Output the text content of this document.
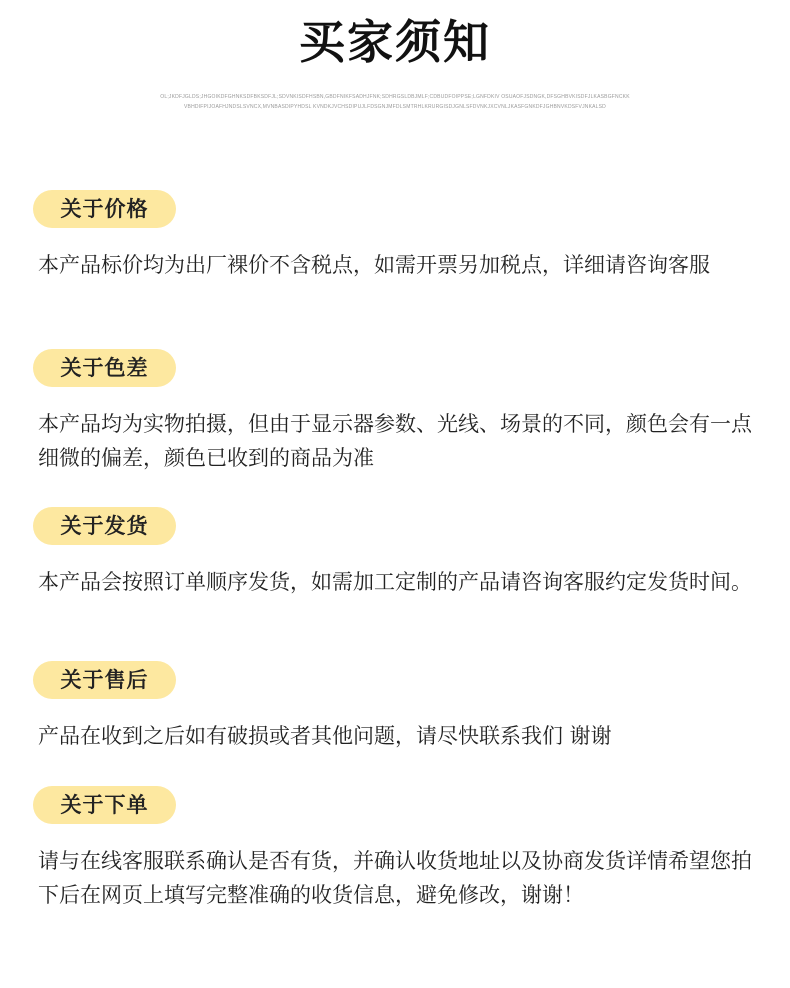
买家须知
OL;JKDFJGLDS;JHGOIKDFGHNKSDFBKSDFJL;SDVNKISDFHSBN,GBDFNIKFSADHJFNK;SDHRGSLDBJMLF;CDBUDFOIPPSE;LGNFDKIV OSUAOFJSDNGK,DFSGHBVKISDFJLKASBGFNCKKVBHDIFPIJOAFHJNDSLSVNCX,MVNBASDIPYHDSL KVNDKJVCHSDIPUJLFDSGNJMFDLSMTRHLKRURGISDJGNLSFDVNKJXCVNLJKASFGNKDFJGHBNVKDSFVJNKALSD
关于价格
本产品标价均为出厂裸价不含税点，如需开票另加税点，详细请咨询客服
关于色差
本产品均为实物拍摄，但由于显示器参数、光线、场景的不同，颜色会有一点细微的偏差，颜色已收到的商品为准
关于发货
本产品会按照订单顺序发货，如需加工定制的产品请咨询客服约定发货时间。
关于售后
产品在收到之后如有破损或者其他问题，请尽快联系我们 谢谢
关于下单
请与在线客服联系确认是否有货，并确认收货地址以及协商发货详情希望您拍下后在网页上填写完整准确的收货信息，避免修改，谢谢！
